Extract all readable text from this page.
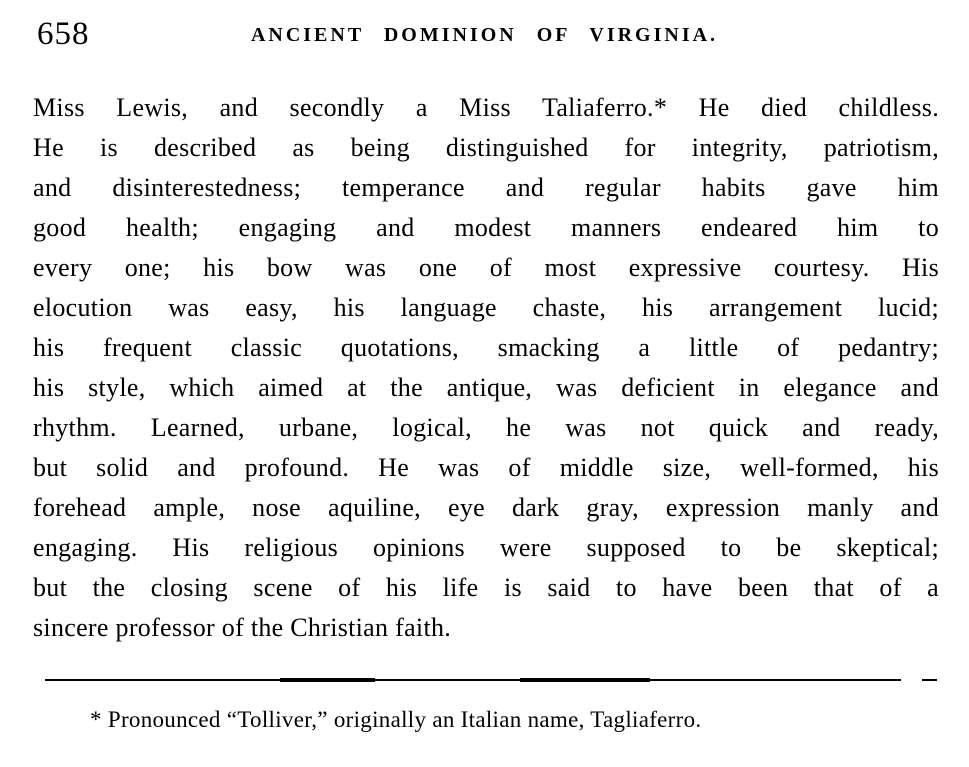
658	ANCIENT DOMINION OF VIRGINIA.
Miss Lewis, and secondly a Miss Taliaferro.* He died childless.
He is described as being distinguished for integrity, patriotism,
and disinterestedness; temperance and regular habits gave him
good health; engaging and modest manners endeared him to
every one; his bow was one of most expressive courtesy. His
elocution was easy, his language chaste, his arrangement lucid;
his frequent classic quotations, smacking a little of pedantry;
his style, which aimed at the antique, was deficient in elegance and
rhythm. Learned, urbane, logical, he was not quick and ready,
but solid and profound. He was of middle size, well-formed, his
forehead ample, nose aquiline, eye dark gray, expression manly and
engaging. His religious opinions were supposed to be skeptical;
but the closing scene of his life is said to have been that of a
sincere professor of the Christian faith.
* Pronounced “Tolliver,” originally an Italian name, Tagliaferro.
